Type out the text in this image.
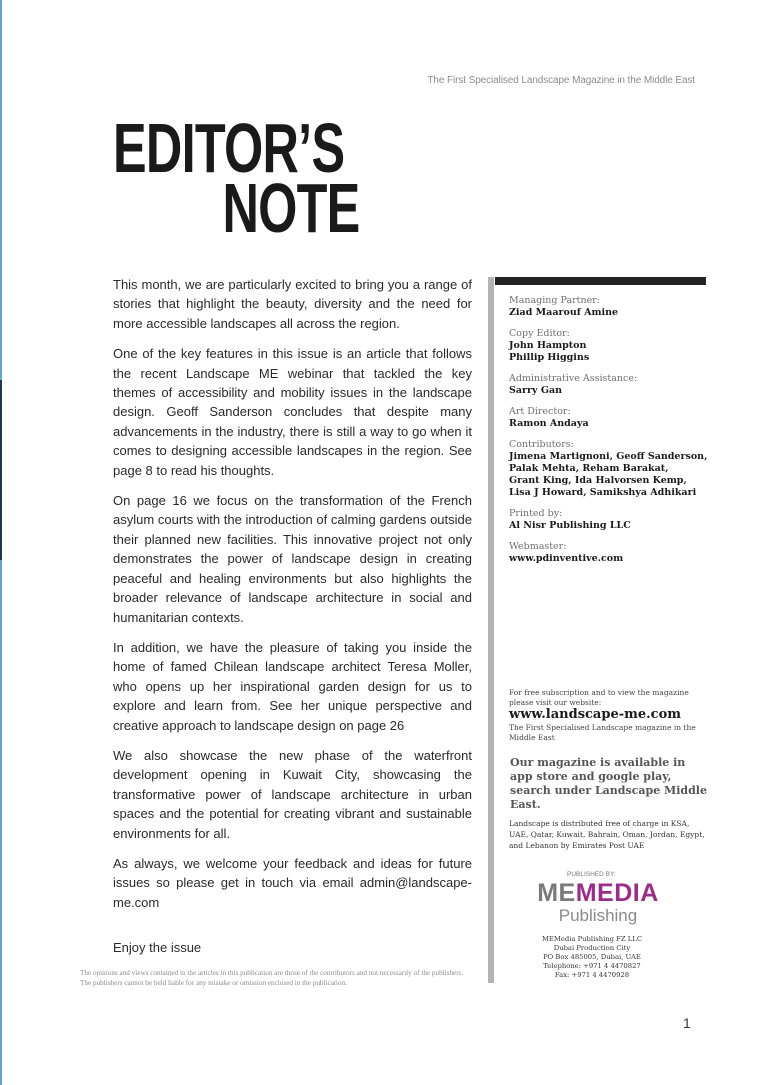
The First Specialised Landscape Magazine in the Middle East
EDITOR’S
NOTE

This month, we are particularly excited to bring you a range of stories that highlight the beauty, diversity and the need for more accessible landscapes all across the region.

One of the key features in this issue is an article that follows the recent Landscape ME webinar that tackled the key themes of accessibility and mobility issues in the landscape design. Geoff Sanderson concludes that despite many advancements in the industry, there is still a way to go when it comes to designing accessible landscapes in the region. See page 8 to read his thoughts.

On page 16 we focus on the transformation of the French asylum courts with the introduction of calming gardens outside their planned new facilities. This innovative project not only demonstrates the power of landscape design in creating peaceful and healing environments but also highlights the broader relevance of landscape architecture in social and humanitarian contexts.

In addition, we have the pleasure of taking you inside the home of famed Chilean landscape architect Teresa Moller, who opens up her inspirational garden design for us to explore and learn from. See her unique perspective and creative approach to landscape design on page 26

We also showcase the new phase of the waterfront development opening in Kuwait City, showcasing the transformative power of landscape architecture in urban spaces and the potential for creating vibrant and sustainable environments for all.

As always, we welcome your feedback and ideas for future issues so please get in touch via email admin@landscape-me.com

Enjoy the issue

Managing Partner:
Ziad Maarouf Amine
Copy Editor:
John Hampton
Phillip Higgins
Administrative Assistance:
Sarry Gan
Art Director:
Ramon Andaya
Contributors:
Jimena Martignoni, Geoff Sanderson,
Palak Mehta, Reham Barakat,
Grant King, Ida Halvorsen Kemp,
Lisa J Howard, Samikshya Adhikari
Printed by:
Al Nisr Publishing LLC
Webmaster:
www.pdinventive.com
For free subscription and to view the magazine please visit our website:
www.landscape-me.com
The First Specialised Landscape magazine in the Middle East
Our magazine is available in app store and google play, search under Landscape Middle East.
Landscape is distributed free of charge in KSA, UAE, Qatar, Kuwait, Bahrain, Oman, Jordan, Egypt, and Lebanon by Emirates Post UAE
PUBLISHED BY:
MEMEDIA
Publishing
MEMedia Publishing FZ LLC
Dubai Production City
PO Box 485005, Dubai, UAE
Telephone: +971 4 4470827
Fax: +971 4 4470928
The opinions and views contained in the articles in this publication are those of the contributors and not necessarily of the publishers. The publishers cannot be held liable for any mistake or omission enclosed in the publication.
1
